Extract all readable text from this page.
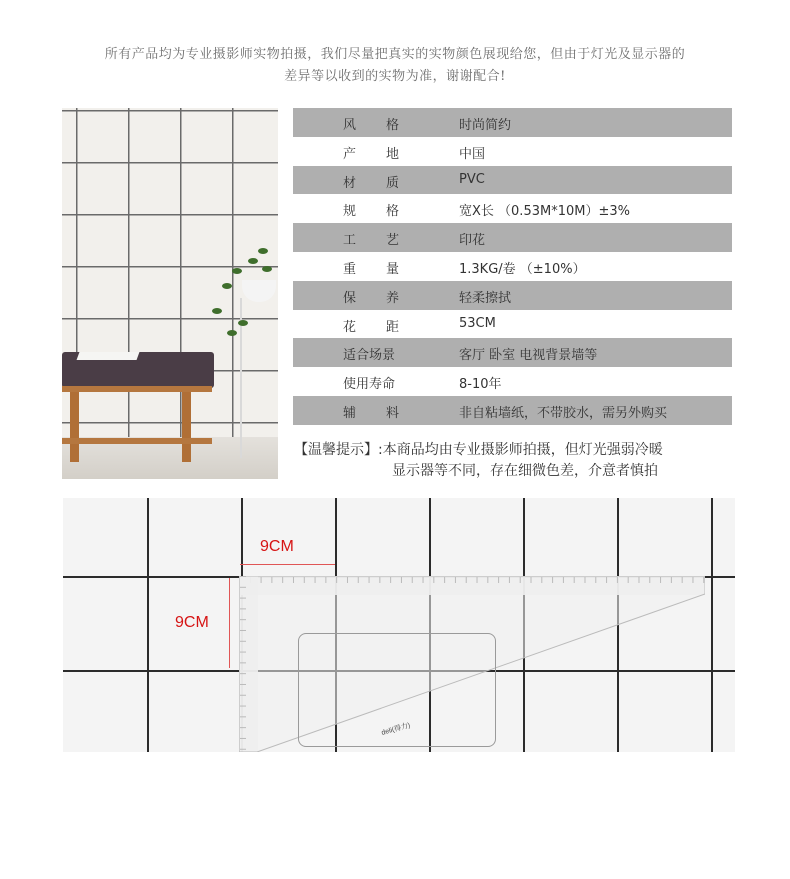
所有产品均为专业摄影师实物拍摄，我们尽量把真实的实物颜色展现给您，但由于灯光及显示器的
差异等以收到的实物为准，谢谢配合!
风格 时尚简约
产地 中国
材质 PVC
规格 宽X长 （0.53M*10M）±3%
工艺 印花
重量 1.3KG/卷 （±10%）
保养 轻柔擦拭
花距 53CM
适合场景	客厅 卧室 电视背景墙等
使用寿命	8-10年
辅料 非自粘墙纸，不带胶水，需另外购买
【温馨提示】:本商品均由专业摄影师拍摄，但灯光强弱冷暖
显示器等不同，存在细微色差，介意者慎拍
9CM
9CM
deli(得力)
